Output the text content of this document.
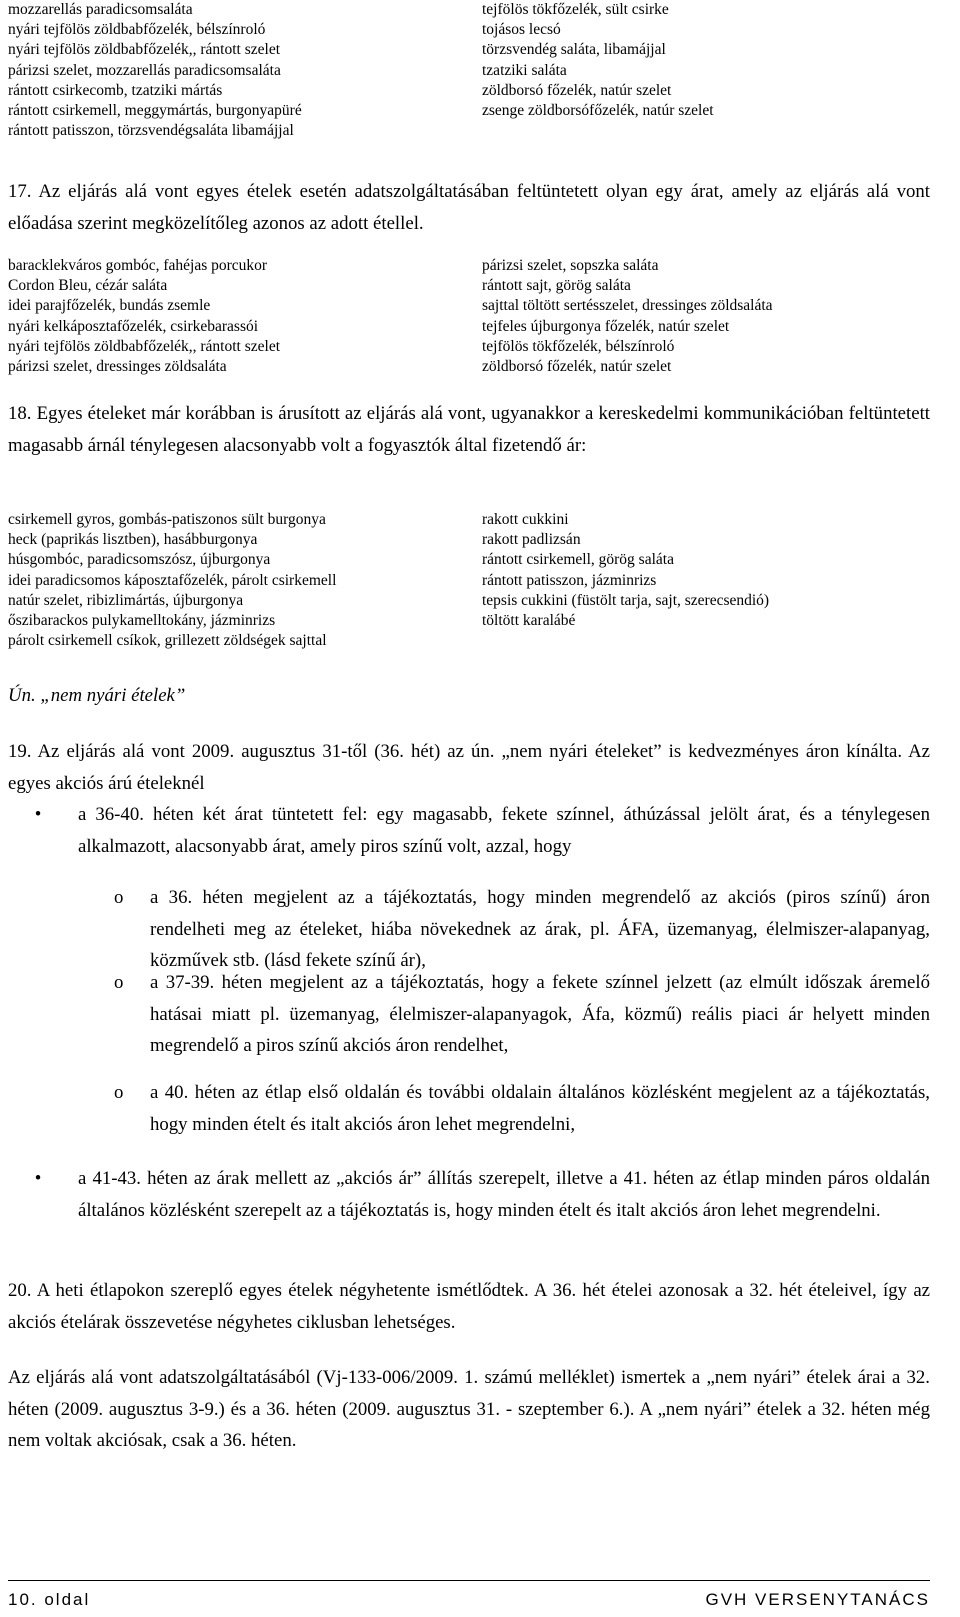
mozzarellás paradicsomsaláta
nyári tejfölös zöldbabfőzelék, bélszínroló
nyári tejfölös zöldbabfőzelék,, rántott szelet
párizsi szelet, mozzarellás paradicsomsaláta
rántott csirkecomb, tzatziki mártás
rántott csirkemell, meggymártás, burgonyapüré
rántott patisszon, törzsvendégsaláta libamájjal
tejfölös tökfőzelék, sült csirke
tojásos lecsó
törzsvendég saláta, libamájjal
tzatziki saláta
zöldborsó főzelék, natúr szelet
zsenge zöldborsófőzelék, natúr szelet
17. Az eljárás alá vont egyes ételek esetén adatszolgáltatásában feltüntetett olyan egy árat, amely az eljárás alá vont előadása szerint megközelítőleg azonos az adott étellel.
baracklekváros gombóc, fahéjas porcukor
Cordon Bleu, cézár saláta
idei parajfőzelék, bundás zsemle
nyári kelkáposztafőzelék, csirkebarassói
nyári tejfölös zöldbabfőzelék,, rántott szelet
párizsi szelet, dressinges zöldsaláta
párizsi szelet, sopszka saláta
rántott sajt, görög saláta
sajttal töltött sertésszelet, dressinges zöldsaláta
tejfeles újburgonya főzelék, natúr szelet
tejfölös tökfőzelék, bélszínroló
zöldborsó főzelék, natúr szelet
18. Egyes ételeket már korábban is árusított az eljárás alá vont, ugyanakkor a kereskedelmi kommunikációban feltüntetett magasabb árnál ténylegesen alacsonyabb volt a fogyasztók által fizetendő ár:
csirkemell gyros, gombás-patiszonos sült burgonya
heck (paprikás lisztben), hasábburgonya
húsgombóc, paradicsomszósz, újburgonya
idei paradicsomos káposztafőzelék, párolt csirkemell
natúr szelet, ribizlimártás, újburgonya
őszibarackos pulykamelltokány, jázminrizs
párolt csirkemell csíkok, grillezett zöldségek sajttal
rakott cukkini
rakott padlizsán
rántott csirkemell, görög saláta
rántott patisszon, jázminrizs
tepsis cukkini (füstölt tarja, sajt, szerecsendió)
töltött karalábé
Ún. „nem nyári ételek”
19. Az eljárás alá vont 2009. augusztus 31-től (36. hét) az ún. „nem nyári ételeket” is kedvezményes áron kínálta. Az egyes akciós árú ételeknél
• a 36-40. héten két árat tüntetett fel: egy magasabb, fekete színnel, áthúzással jelölt árat, és a ténylegesen alkalmazott, alacsonyabb árat, amely piros színű volt, azzal, hogy
o a 36. héten megjelent az a tájékoztatás, hogy minden megrendelő az akciós (piros színű) áron rendelheti meg az ételeket, hiába növekednek az árak, pl. ÁFA, üzemanyag, élelmiszer-alapanyag, közművek stb. (lásd fekete színű ár),
o a 37-39. héten megjelent az a tájékoztatás, hogy a fekete színnel jelzett (az elmúlt időszak áremelő hatásai miatt pl. üzemanyag, élelmiszer-alapanyagok, Áfa, közmű) reális piaci ár helyett minden megrendelő a piros színű akciós áron rendelhet,
o a 40. héten az étlap első oldalán és további oldalain általános közlésként megjelent az a tájékoztatás, hogy minden ételt és italt akciós áron lehet megrendelni,
• a 41-43. héten az árak mellett az „akciós ár” állítás szerepelt, illetve a 41. héten az étlap minden páros oldalán általános közlésként szerepelt az a tájékoztatás is, hogy minden ételt és italt akciós áron lehet megrendelni.
20. A heti étlapokon szereplő egyes ételek négyhetente ismétlődtek. A 36. hét ételei azonosak a 32. hét ételeivel, így az akciós ételárak összevetése négyhetes ciklusban lehetséges.
Az eljárás alá vont adatszolgáltatásából (Vj-133-006/2009. 1. számú melléklet) ismertek a „nem nyári” ételek árai a 32. héten (2009. augusztus 3-9.) és a 36. héten (2009. augusztus 31. - szeptember 6.). A „nem nyári” ételek a 32. héten még nem voltak akciósak, csak a 36. héten.
10. oldal	GVH VERSENYTANÁCS
